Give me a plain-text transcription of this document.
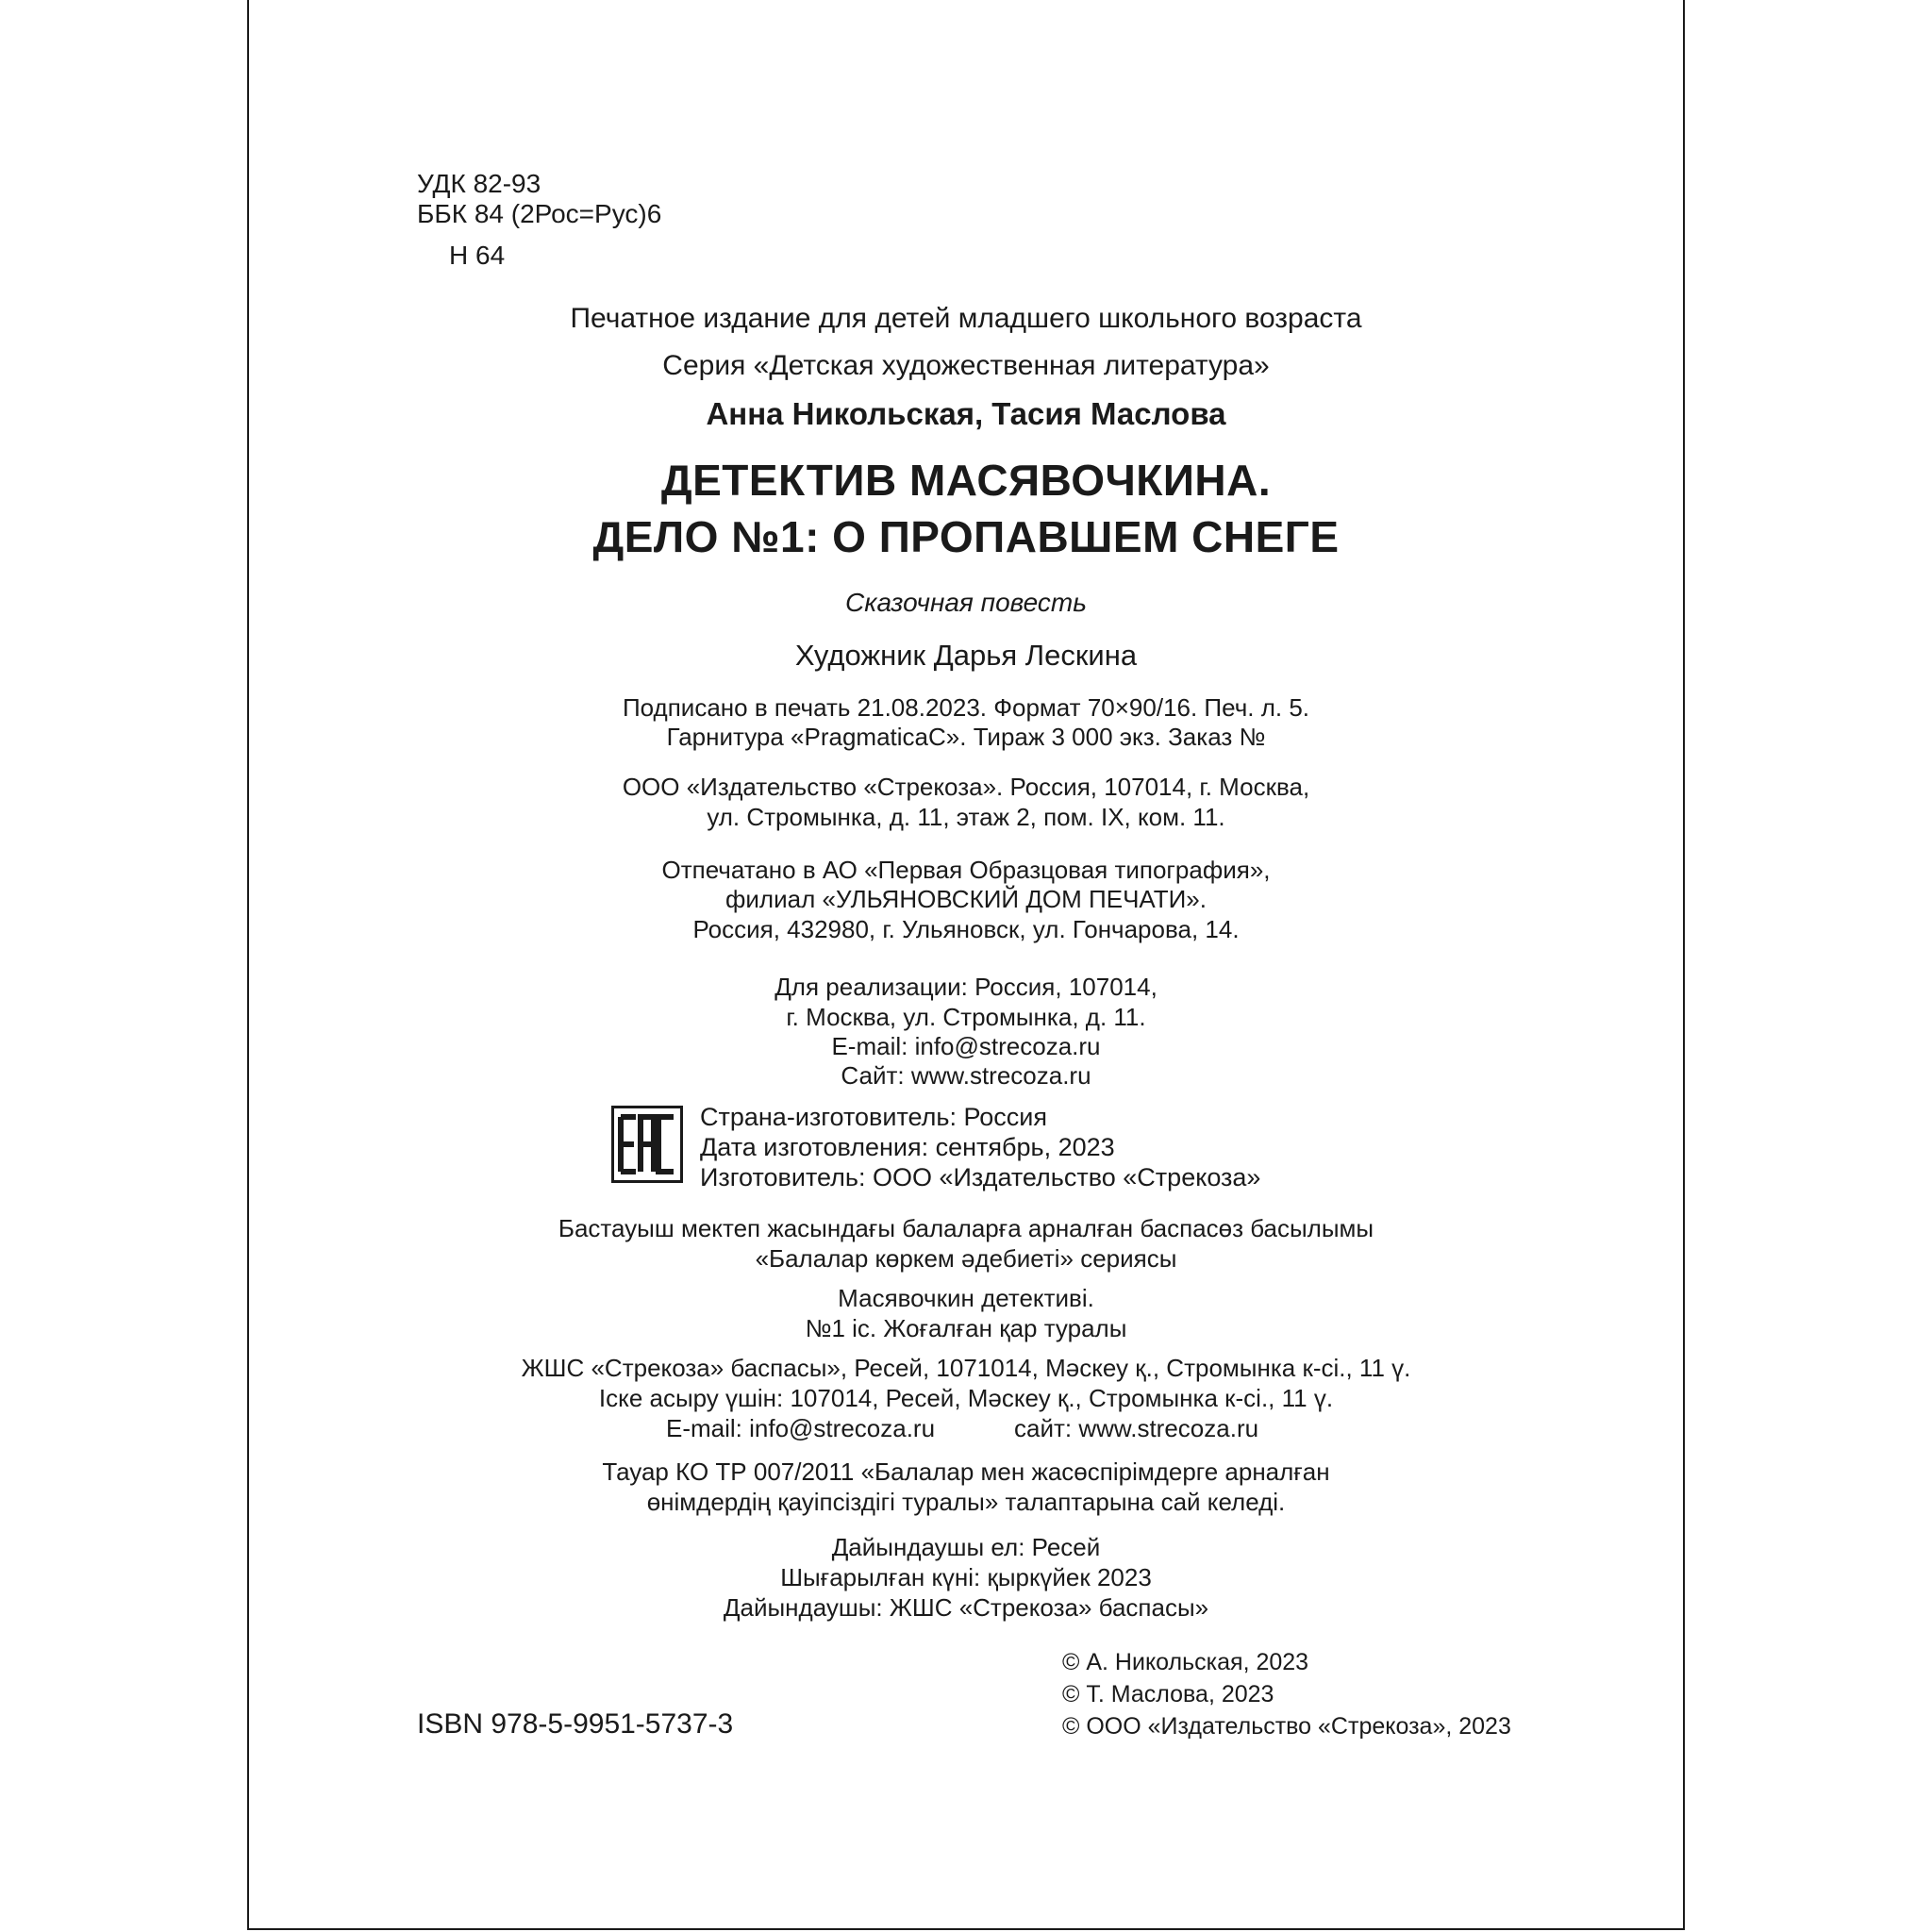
УДК 82-93
ББК 84 (2Рос=Рус)6
Н 64
Печатное издание для детей младшего школьного возраста
Серия «Детская художественная литература»
Анна Никольская, Тасия Маслова
ДЕТЕКТИВ МАСЯВОЧКИНА.
ДЕЛО №1: О ПРОПАВШЕМ СНЕГЕ
Сказочная повесть
Художник Дарья Лескина
Подписано в печать 21.08.2023. Формат 70×90/16. Печ. л. 5.
Гарнитура «PragmaticaC». Тираж 3 000 экз. Заказ №
ООО «Издательство «Стрекоза». Россия, 107014, г. Москва,
ул. Стромынка, д. 11, этаж 2, пом. IX, ком. 11.
Отпечатано в АО «Первая Образцовая типография»,
филиал «УЛЬЯНОВСКИЙ ДОМ ПЕЧАТИ».
Россия, 432980, г. Ульяновск, ул. Гончарова, 14.
Для реализации: Россия, 107014,
г. Москва, ул. Стромынка, д. 11.
E-mail: info@strecoza.ru
Сайт: www.strecoza.ru
Страна-изготовитель: Россия
Дата изготовления: сентябрь, 2023
Изготовитель: ООО «Издательство «Стрекоза»
Бастауыш мектеп жасындағы балаларға арналған баспасөз басылымы
«Балалар көркем әдебиеті» сериясы
Масявочкин детективі.
№1 іс. Жоғалған қар туралы
ЖШС «Стрекоза» баспасы», Ресей, 1071014, Мәскеу қ., Стромынка к-сі., 11 ү.
Іске асыру үшін: 107014, Ресей, Мәскеу қ., Стромынка к-сі., 11 ү.
E-mail: info@strecoza.ru	сайт: www.strecoza.ru
Тауар КО ТР 007/2011 «Балалар мен жасөспірімдерге арналған
өнімдердің қауіпсіздігі туралы» талаптарына сай келеді.
Дайындаушы ел: Ресей
Шығарылған күні: қыркүйек 2023
Дайындаушы: ЖШС «Стрекоза» баспасы»
ISBN 978-5-9951-5737-3
© А. Никольская, 2023
© Т. Маслова, 2023
© ООО «Издательство «Стрекоза», 2023
